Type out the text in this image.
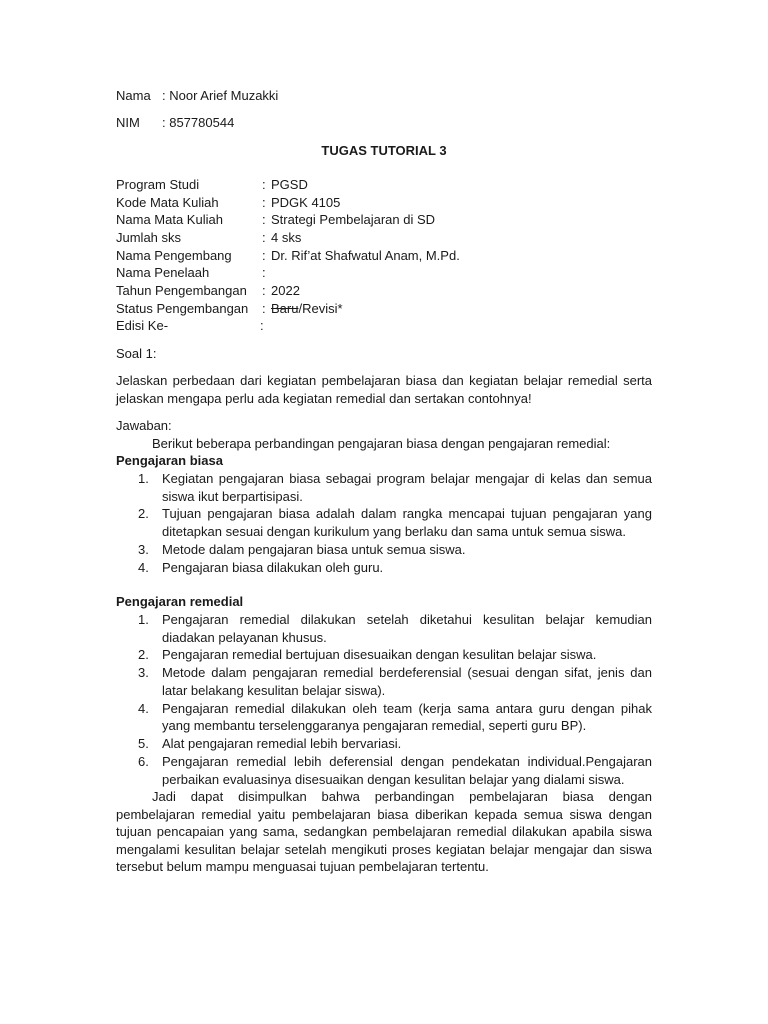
Nama : Noor Arief Muzakki
NIM : 857780544
TUGAS TUTORIAL 3
Program Studi	: PGSD
Kode Mata Kuliah	: PDGK 4105
Nama Mata Kuliah	: Strategi Pembelajaran di SD
Jumlah sks	: 4 sks
Nama Pengembang : Dr. Rif’at Shafwatul Anam, M.Pd.
Nama Penelaah	:
Tahun Pengembangan : 2022
Status Pengembangan : Baru/Revisi*
Edisi Ke-	:
Soal 1:
Jelaskan perbedaan dari kegiatan pembelajaran biasa dan kegiatan belajar remedial serta jelaskan mengapa perlu ada kegiatan remedial dan sertakan contohnya!
Jawaban:
Berikut beberapa perbandingan pengajaran biasa dengan pengajaran remedial:
Pengajaran biasa
1. Kegiatan pengajaran biasa sebagai program belajar mengajar di kelas dan semua siswa ikut berpartisipasi.
2. Tujuan pengajaran biasa adalah dalam rangka mencapai tujuan pengajaran yang ditetapkan sesuai dengan kurikulum yang berlaku dan sama untuk semua siswa.
3. Metode dalam pengajaran biasa untuk semua siswa.
4. Pengajaran biasa dilakukan oleh guru.
Pengajaran remedial
1. Pengajaran remedial dilakukan setelah diketahui kesulitan belajar kemudian diadakan pelayanan khusus.
2. Pengajaran remedial bertujuan disesuaikan dengan kesulitan belajar siswa.
3. Metode dalam pengajaran remedial berdeferensial (sesuai dengan sifat, jenis dan latar belakang kesulitan belajar siswa).
4. Pengajaran remedial dilakukan oleh team (kerja sama antara guru dengan pihak yang membantu terselenggaranya pengajaran remedial, seperti guru BP).
5. Alat pengajaran remedial lebih bervariasi.
6. Pengajaran remedial lebih deferensial dengan pendekatan individual.Pengajaran perbaikan evaluasinya disesuaikan dengan kesulitan belajar yang dialami siswa.
Jadi dapat disimpulkan bahwa perbandingan pembelajaran biasa dengan pembelajaran remedial yaitu pembelajaran biasa diberikan kepada semua siswa dengan tujuan pencapaian yang sama, sedangkan pembelajaran remedial dilakukan apabila siswa mengalami kesulitan belajar setelah mengikuti proses kegiatan belajar mengajar dan siswa tersebut belum mampu menguasai tujuan pembelajaran tertentu.
